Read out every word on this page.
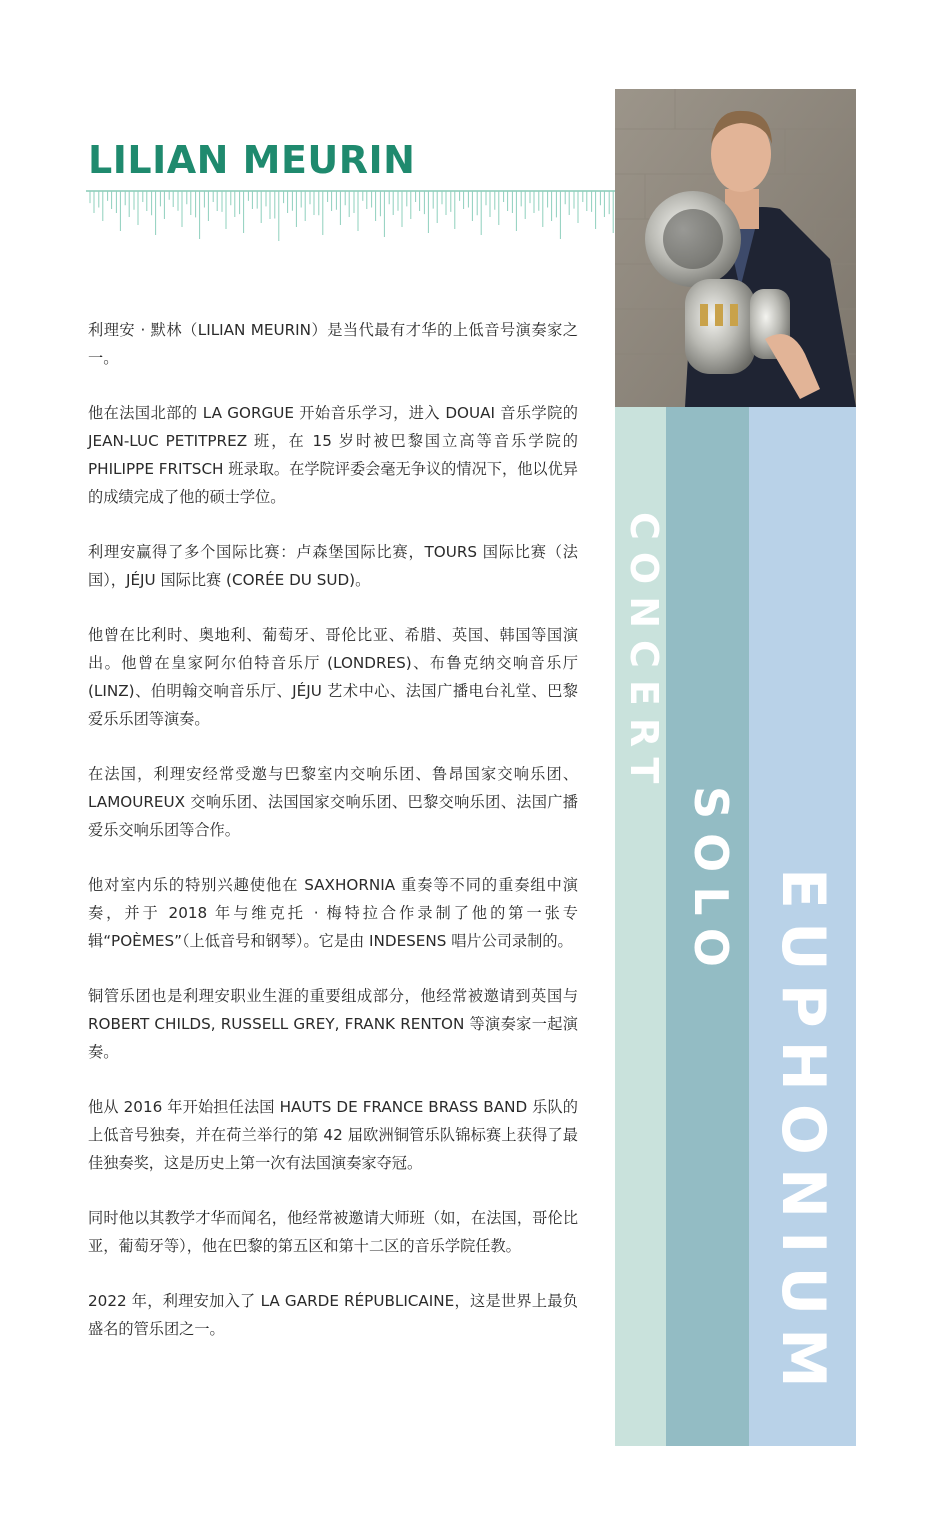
LILIAN MEURIN

利理安 · 默林（LILIAN MEURIN）是当代最有才华的上低音号演奏家之一。

他在法国北部的 LA GORGUE 开始音乐学习，进入 DOUAI 音乐学院的 JEAN-LUC PETITPREZ 班，在 15 岁时被巴黎国立高等音乐学院的 PHILIPPE FRITSCH 班录取。在学院评委会毫无争议的情况下，他以优异的成绩完成了他的硕士学位。

利理安赢得了多个国际比赛：卢森堡国际比赛，TOURS 国际比赛（法国），JÉJU 国际比赛 (CORÉE DU SUD)。

他曾在比利时、奥地利、葡萄牙、哥伦比亚、希腊、英国、韩国等国演出。他曾在皇家阿尔伯特音乐厅 (LONDRES)、布鲁克纳交响音乐厅 (LINZ)、伯明翰交响音乐厅、JÉJU 艺术中心、法国广播电台礼堂、巴黎爱乐乐团等演奏。

在法国，利理安经常受邀与巴黎室内交响乐团、鲁昂国家交响乐团、LAMOUREUX 交响乐团、法国国家交响乐团、巴黎交响乐团、法国广播爱乐交响乐团等合作。

他对室内乐的特别兴趣使他在 SAXHORNIA 重奏等不同的重奏组中演奏，并于 2018 年与维克托 · 梅特拉合作录制了他的第一张专辑“POÈMES”（上低音号和钢琴）。它是由 INDESENS 唱片公司录制的。

铜管乐团也是利理安职业生涯的重要组成部分，他经常被邀请到英国与 ROBERT CHILDS, RUSSELL GREY, FRANK RENTON 等演奏家一起演奏。

他从 2016 年开始担任法国 HAUTS DE FRANCE BRASS BAND 乐队的上低音号独奏，并在荷兰举行的第 42 届欧洲铜管乐队锦标赛上获得了最佳独奏奖，这是历史上第一次有法国演奏家夺冠。

同时他以其教学才华而闻名，他经常被邀请大师班（如，在法国，哥伦比亚，葡萄牙等），他在巴黎的第五区和第十二区的音乐学院任教。

2022 年，利理安加入了 LA GARDE RÉPUBLICAINE，这是世界上最负盛名的管乐团之一。

CONCERT
SOLO EUPHONIUM
